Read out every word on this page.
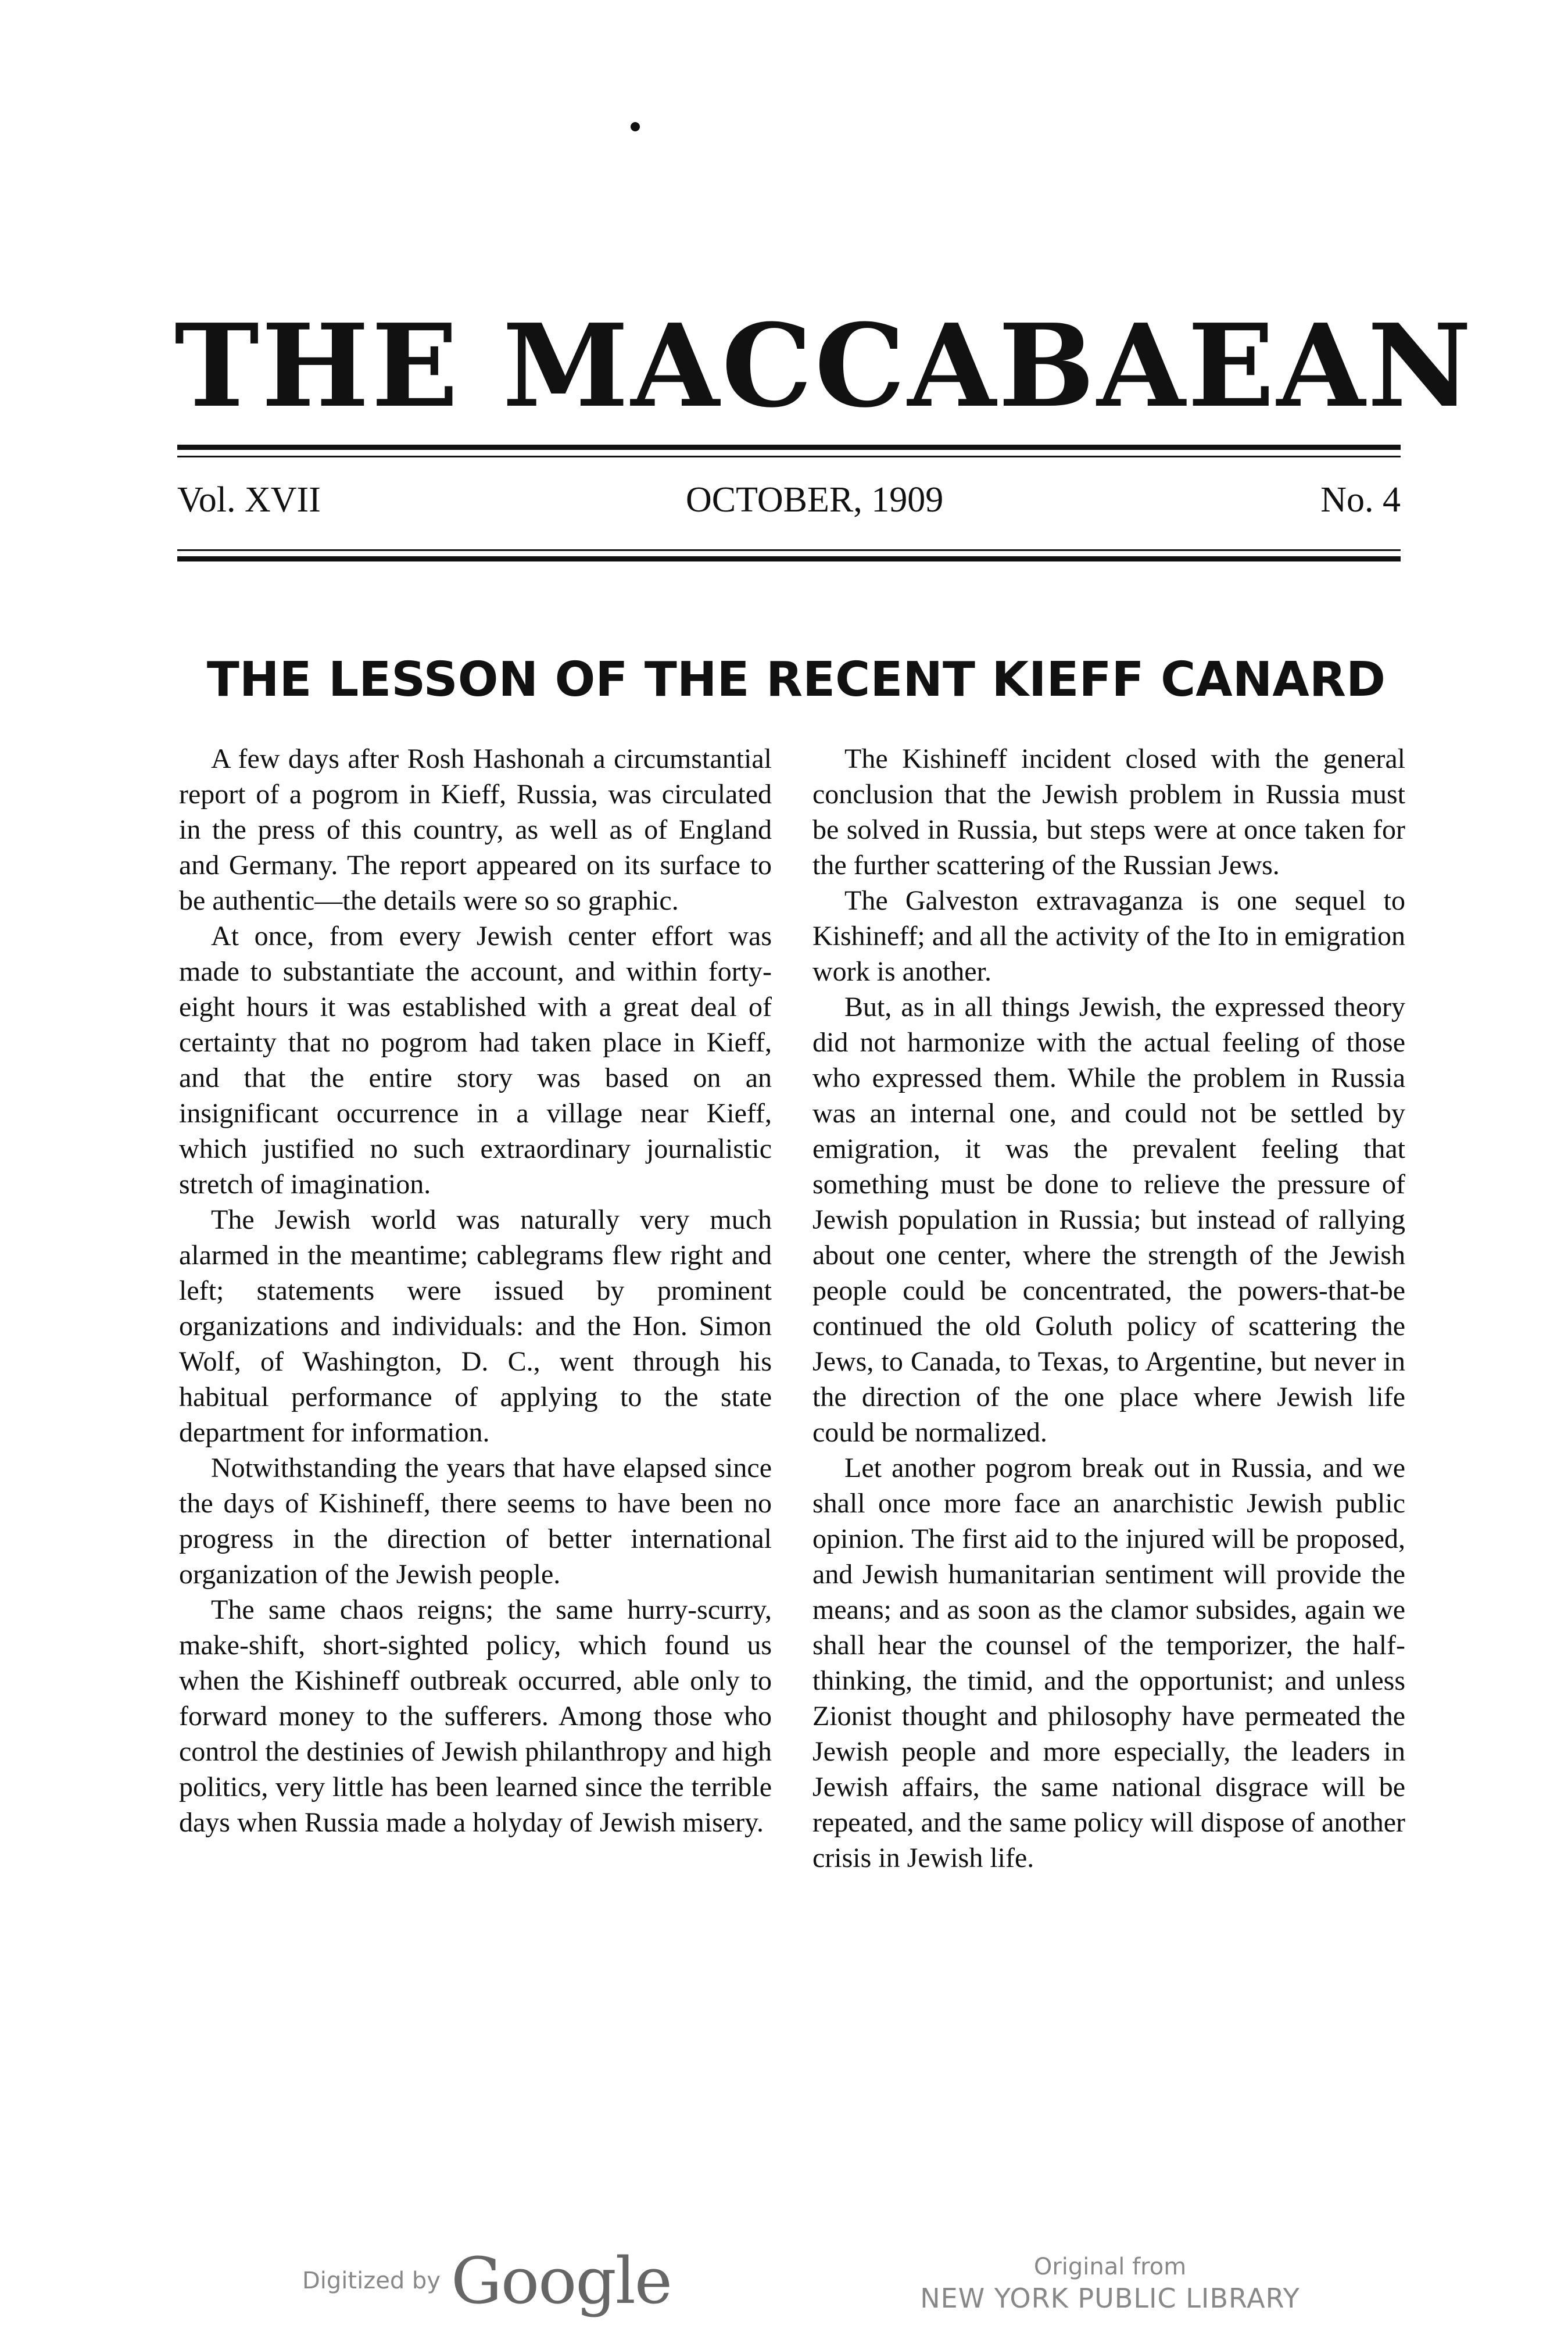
THE MACCABAEAN
Vol. XVII	OCTOBER, 1909	No. 4
THE LESSON OF THE RECENT KIEFF CANARD

A few days after Rosh Hashonah a circumstantial report of a pogrom in Kieff, Russia, was circulated in the press of this country, as well as of England and Germany. The report appeared on its surface to be authentic—the details were so so graphic.

At once, from every Jewish center effort was made to substantiate the account, and within forty-eight hours it was established with a great deal of certainty that no pogrom had taken place in Kieff, and that the entire story was based on an insignificant occurrence in a village near Kieff, which justified no such extraordinary journalistic stretch of imagination.

The Jewish world was naturally very much alarmed in the meantime; cablegrams flew right and left; statements were issued by prominent organizations and individuals: and the Hon. Simon Wolf, of Washington, D. C., went through his habitual performance of applying to the state department for information.

Notwithstanding the years that have elapsed since the days of Kishineff, there seems to have been no progress in the direction of better international organization of the Jewish people.

The same chaos reigns; the same hurry-scurry, make-shift, short-sighted policy, which found us when the Kishineff outbreak occurred, able only to forward money to the sufferers. Among those who control the destinies of Jewish philanthropy and high politics, very little has been learned since the terrible days when Russia made a holyday of Jewish misery.

The Kishineff incident closed with the general conclusion that the Jewish problem in Russia must be solved in Russia, but steps were at once taken for the further scattering of the Russian Jews.

The Galveston extravaganza is one sequel to Kishineff; and all the activity of the Ito in emigration work is another.

But, as in all things Jewish, the expressed theory did not harmonize with the actual feeling of those who expressed them. While the problem in Russia was an internal one, and could not be settled by emigration, it was the prevalent feeling that something must be done to relieve the pressure of Jewish population in Russia; but instead of rallying about one center, where the strength of the Jewish people could be concentrated, the powers-that-be continued the old Goluth policy of scattering the Jews, to Canada, to Texas, to Argentine, but never in the direction of the one place where Jewish life could be normalized.

Let another pogrom break out in Russia, and we shall once more face an anarchistic Jewish public opinion. The first aid to the injured will be proposed, and Jewish humanitarian sentiment will provide the means; and as soon as the clamor subsides, again we shall hear the counsel of the temporizer, the half-thinking, the timid, and the opportunist; and unless Zionist thought and philosophy have permeated the Jewish people and more especially, the leaders in Jewish affairs, the same national disgrace will be repeated, and the same policy will dispose of another crisis in Jewish life.

Digitized by Google	Original from
NEW YORK PUBLIC LIBRARY
